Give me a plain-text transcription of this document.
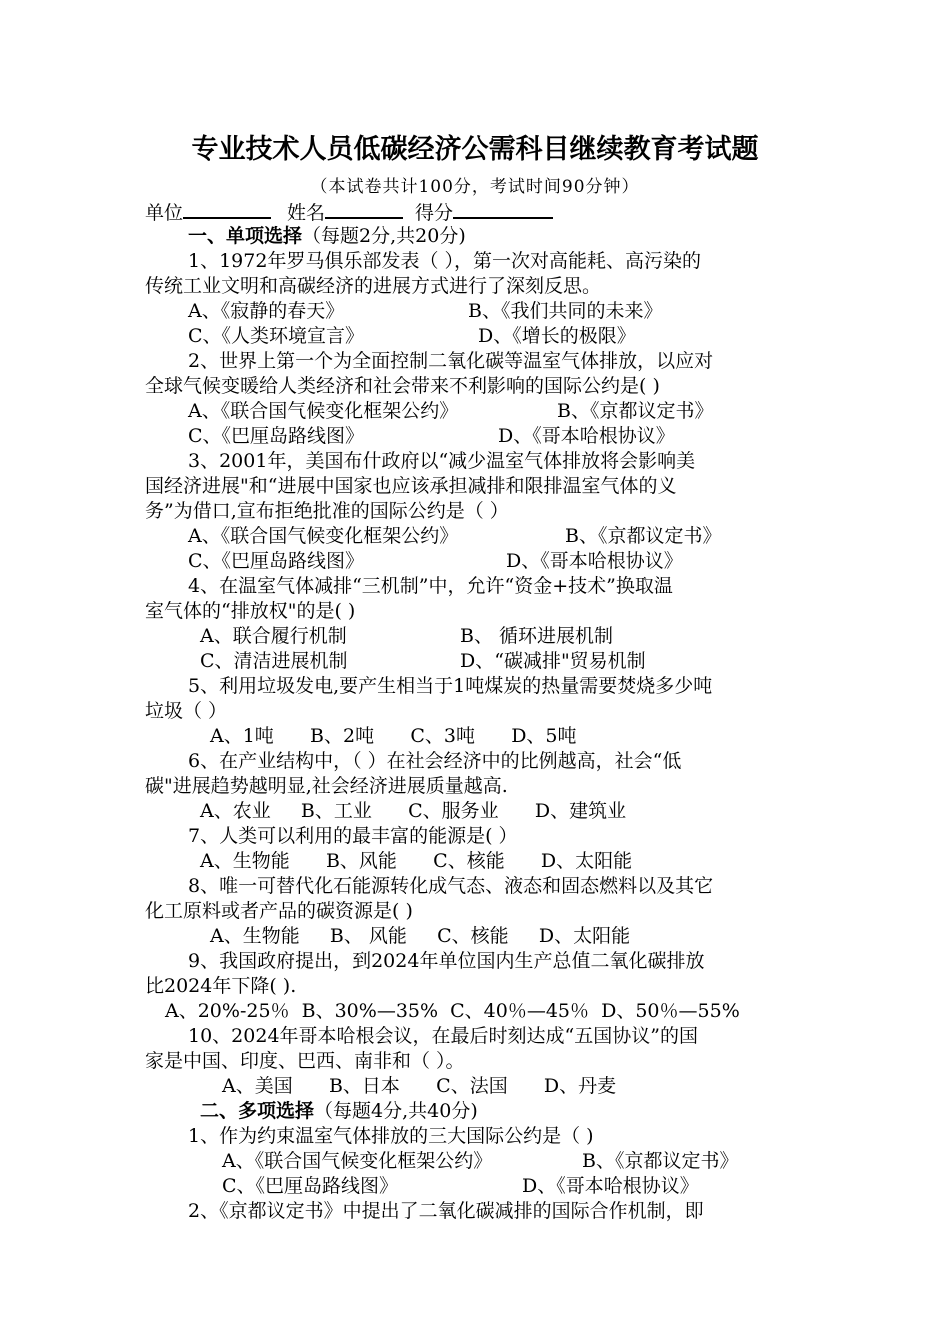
专业技术人员低碳经济公需科目继续教育考试题
（本试卷共计100分，考试时间90分钟）
单位	姓名	得分
一、单项选择（每题2分,共20分)
1、1972年罗马俱乐部发表（ ），第一次对高能耗、高污染的
传统工业文明和高碳经济的进展方式进行了深刻反思。
A、《寂静的春天》	B、《我们共同的未来》
C、《人类环境宣言》	D、《增长的极限》
2、世界上第一个为全面控制二氧化碳等温室气体排放，以应对
全球气候变暖给人类经济和社会带来不利影响的国际公约是( )
A、《联合国气候变化框架公约》	B、《京都议定书》
C、《巴厘岛路线图》	D、《哥本哈根协议》
3、2001年，美国布什政府以“减少温室气体排放将会影响美
国经济进展"和“进展中国家也应该承担减排和限排温室气体的义
务”为借口,宣布拒绝批准的国际公约是（ ）
A、《联合国气候变化框架公约》	B、《京都议定书》
C、《巴厘岛路线图》	D、《哥本哈根协议》
4、在温室气体减排“三机制”中，允许“资金+技术”换取温
室气体的“排放权"的是( )
A、联合履行机制	B、 循环进展机制
C、清洁进展机制	D、“碳减排"贸易机制
5、利用垃圾发电,要产生相当于1吨煤炭的热量需要焚烧多少吨
垃圾（ ）
A、1吨      B、2吨      C、3吨      D、5吨
6、在产业结构中，（ ）在社会经济中的比例越高，社会“低
碳"进展趋势越明显,社会经济进展质量越高.
A、农业     B、工业      C、服务业      D、建筑业
7、人类可以利用的最丰富的能源是( ）
A、生物能      B、风能      C、核能      D、太阳能
8、唯一可替代化石能源转化成气态、液态和固态燃料以及其它
化工原料或者产品的碳资源是( )
A、生物能     B、 风能     C、核能     D、太阳能
9、我国政府提出，到2024年单位国内生产总值二氧化碳排放
比2024年下降( ).
A、20%-25％  B、30%—35%  C、40％—45％  D、50％—55%
10、2024年哥本哈根会议，在最后时刻达成“五国协议”的国
家是中国、印度、巴西、南非和（ ）。
A、美国      B、日本      C、法国      D、丹麦
二、多项选择（每题4分,共40分)
1、作为约束温室气体排放的三大国际公约是（ )
A、《联合国气候变化框架公约》	B、《京都议定书》
C、《巴厘岛路线图》	D、《哥本哈根协议》
2、《京都议定书》中提出了二氧化碳减排的国际合作机制，即
